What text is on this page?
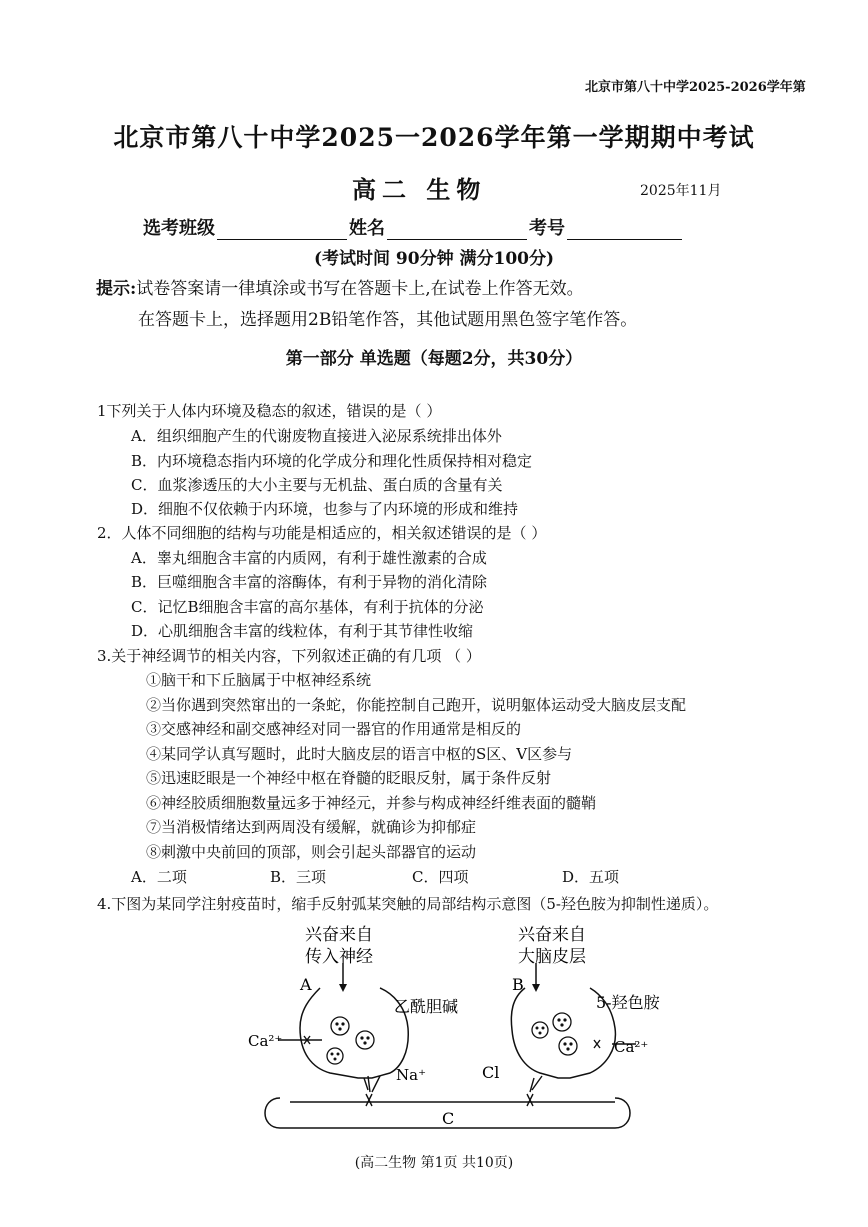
北京市第八十中学2025-2026学年第
北京市第八十中学2025一2026学年第一学期期中考试
高二 生物	2025年11月
选考班级	姓名	考号
(考试时间 90分钟 满分100分)
提示:试卷答案请一律填涂或书写在答题卡上,在试卷上作答无效。
在答题卡上，选择题用2B铅笔作答，其他试题用黑色签字笔作答。
第一部分 单选题（每题2分，共30分）
1下列关于人体内环境及稳态的叙述，错误的是（ ）
A．组织细胞产生的代谢废物直接进入泌尿系统排出体外
B．内环境稳态指内环境的化学成分和理化性质保持相对稳定
C．血浆渗透压的大小主要与无机盐、蛋白质的含量有关
D．细胞不仅依赖于内环境，也参与了内环境的形成和维持
2．人体不同细胞的结构与功能是相适应的，相关叙述错误的是（ ）
A．睾丸细胞含丰富的内质网，有利于雄性激素的合成
B．巨噬细胞含丰富的溶酶体，有利于异物的消化清除
C．记忆B细胞含丰富的高尔基体，有利于抗体的分泌
D．心肌细胞含丰富的线粒体，有利于其节律性收缩
3.关于神经调节的相关内容，下列叙述正确的有几项 （ ）
①脑干和下丘脑属于中枢神经系统
②当你遇到突然窜出的一条蛇，你能控制自己跑开，说明躯体运动受大脑皮层支配
③交感神经和副交感神经对同一器官的作用通常是相反的
④某同学认真写题时，此时大脑皮层的语言中枢的S区、V区参与
⑤迅速眨眼是一个神经中枢在脊髓的眨眼反射，属于条件反射
⑥神经胶质细胞数量远多于神经元，并参与构成神经纤维表面的髓鞘
⑦当消极情绪达到两周没有缓解，就确诊为抑郁症
⑧刺激中央前回的顶部，则会引起头部器官的运动
A．二项	B．三项	C．四项	D．五项
4.下图为某同学注射疫苗时，缩手反射弧某突触的局部结构示意图（5-羟色胺为抑制性递质）。
兴奋来自
传入神经
兴奋来自
大脑皮层
A	B
乙酰胆碱	5-羟色胺
Ca²⁺	Ca²⁺
Na⁺	Cl
C
(高二生物 第1页 共10页)
